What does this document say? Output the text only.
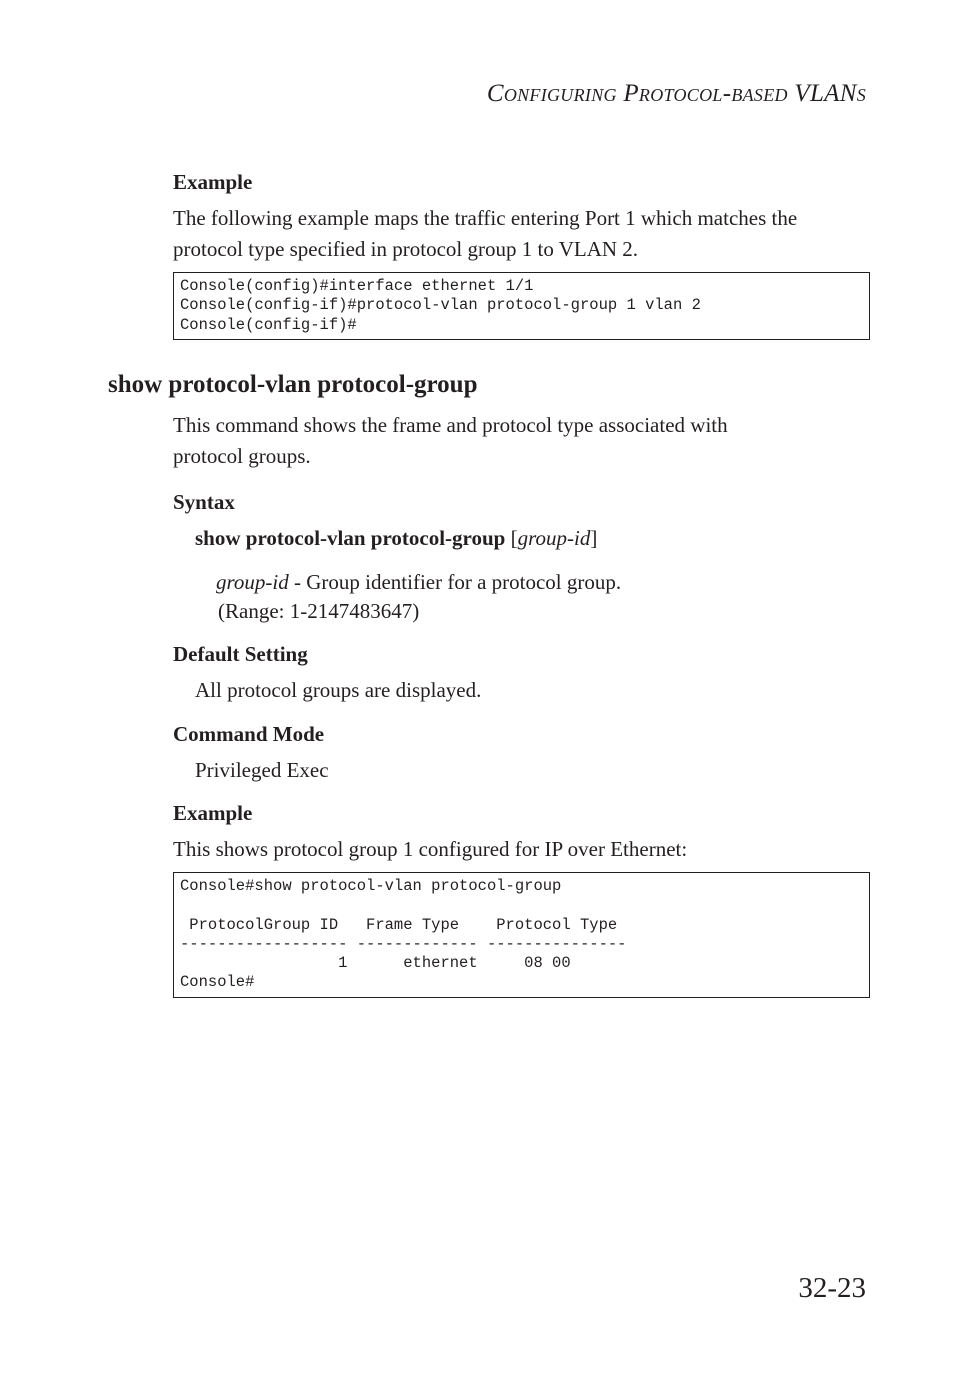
Configuring Protocol-based VLANs
Example
The following example maps the traffic entering Port 1 which matches the
protocol type specified in protocol group 1 to VLAN 2.
Console(config)#interface ethernet 1/1
Console(config-if)#protocol-vlan protocol-group 1 vlan 2
Console(config-if)#
show protocol-vlan protocol-group
This command shows the frame and protocol type associated with
protocol groups.
Syntax
show protocol-vlan protocol-group [group-id]
group-id - Group identifier for a protocol group.
(Range: 1-2147483647)
Default Setting
All protocol groups are displayed.
Command Mode
Privileged Exec
Example
This shows protocol group 1 configured for IP over Ethernet:
Console#show protocol-vlan protocol-group
ProtocolGroup ID   Frame Type    Protocol Type
------------------ ------------- ---------------
1      ethernet     08 00
Console#
32-23
